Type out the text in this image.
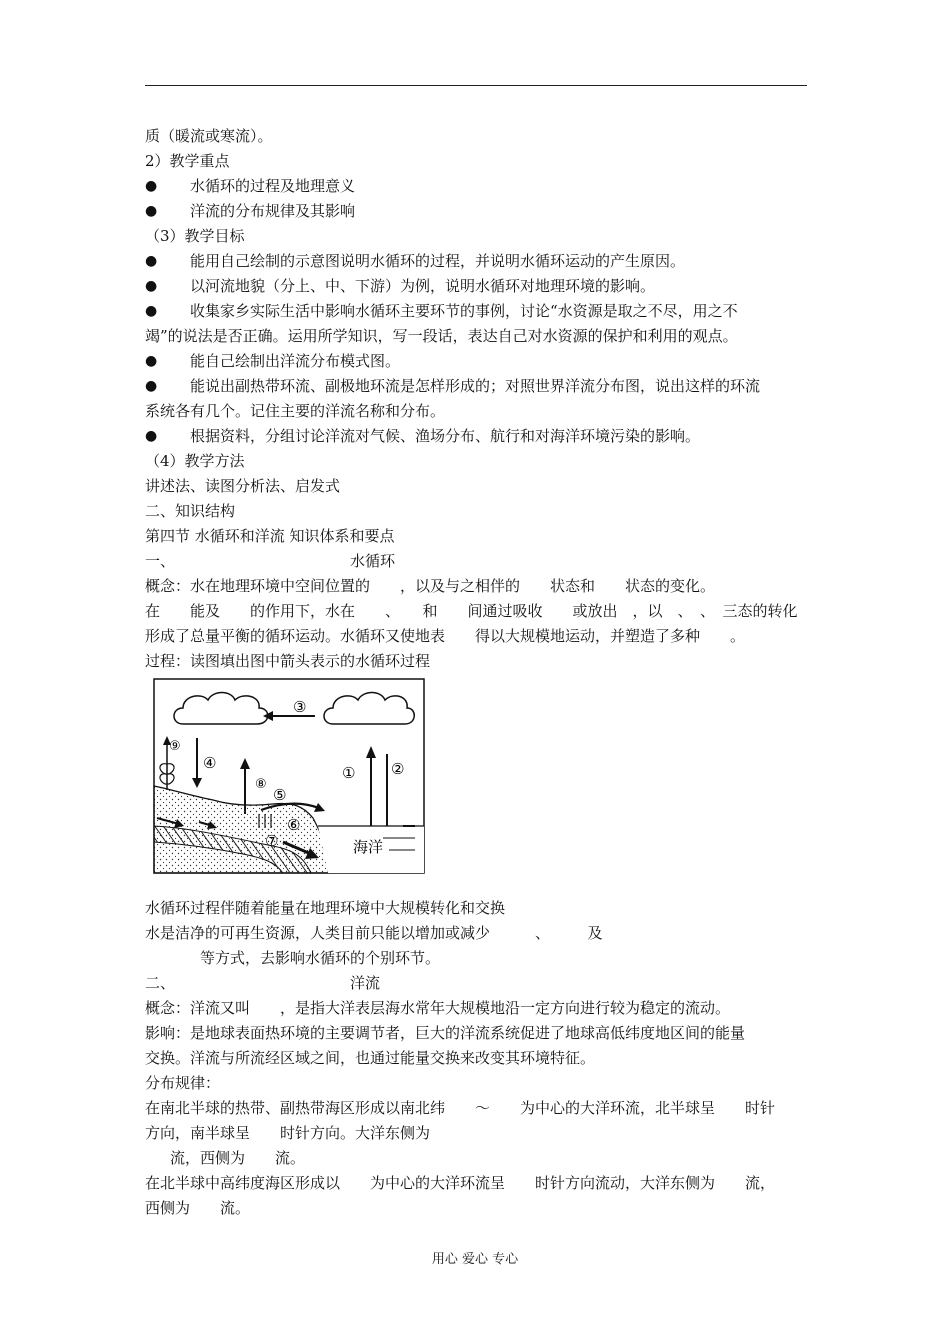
质（暖流或寒流）。
2）教学重点
● 水循环的过程及地理意义
● 洋流的分布规律及其影响
（3）教学目标
● 能用自己绘制的示意图说明水循环的过程，并说明水循环运动的产生原因。
● 以河流地貌（分上、中、下游）为例，说明水循环对地理环境的影响。
● 收集家乡实际生活中影响水循环主要环节的事例，讨论“水资源是取之不尽，用之不
竭”的说法是否正确。运用所学知识，写一段话，表达自己对水资源的保护和利用的观点。
● 能自己绘制出洋流分布模式图。
● 能说出副热带环流、副极地环流是怎样形成的；对照世界洋流分布图，说出这样的环流
系统各有几个。记住主要的洋流名称和分布。
● 根据资料，分组讨论洋流对气候、渔场分布、航行和对海洋环境污染的影响。
（4）教学方法
讲述法、读图分析法、启发式
二、知识结构
第四节 水循环和洋流 知识体系和要点
一、	水循环
概念：水在地理环境中空间位置的　　，以及与之相伴的　　状态和　　状态的变化。
在　　能及　　的作用下，水在　　、　　和　　间通过吸收　　或放出　，以　、　、　三态的转化
形成了总量平衡的循环运动。水循环又使地表　　得以大规模地运动，并塑造了多种　　。
过程：读图填出图中箭头表示的水循环过程
③
① ②
④
⑨
⑧
⑤
⑥
⑦	海洋
水循环过程伴随着能量在地理环境中大规模转化和交换
水是洁净的可再生资源，人类目前只能以增加或减少　　　、　　　及
等方式，去影响水循环的个别环节。
二、	洋流
概念：洋流又叫　　，是指大洋表层海水常年大规模地沿一定方向进行较为稳定的流动。
影响：是地球表面热环境的主要调节者，巨大的洋流系统促进了地球高低纬度地区间的能量
交换。洋流与所流经区域之间，也通过能量交换来改变其环境特征。
分布规律：
在南北半球的热带、副热带海区形成以南北纬　　～　　为中心的大洋环流，北半球呈　　时针
方向，南半球呈　　时针方向。大洋东侧为
流，西侧为　　流。
在北半球中高纬度海区形成以　　为中心的大洋环流呈　　时针方向流动，大洋东侧为　　流，
西侧为　　流。
用心 爱心 专心
